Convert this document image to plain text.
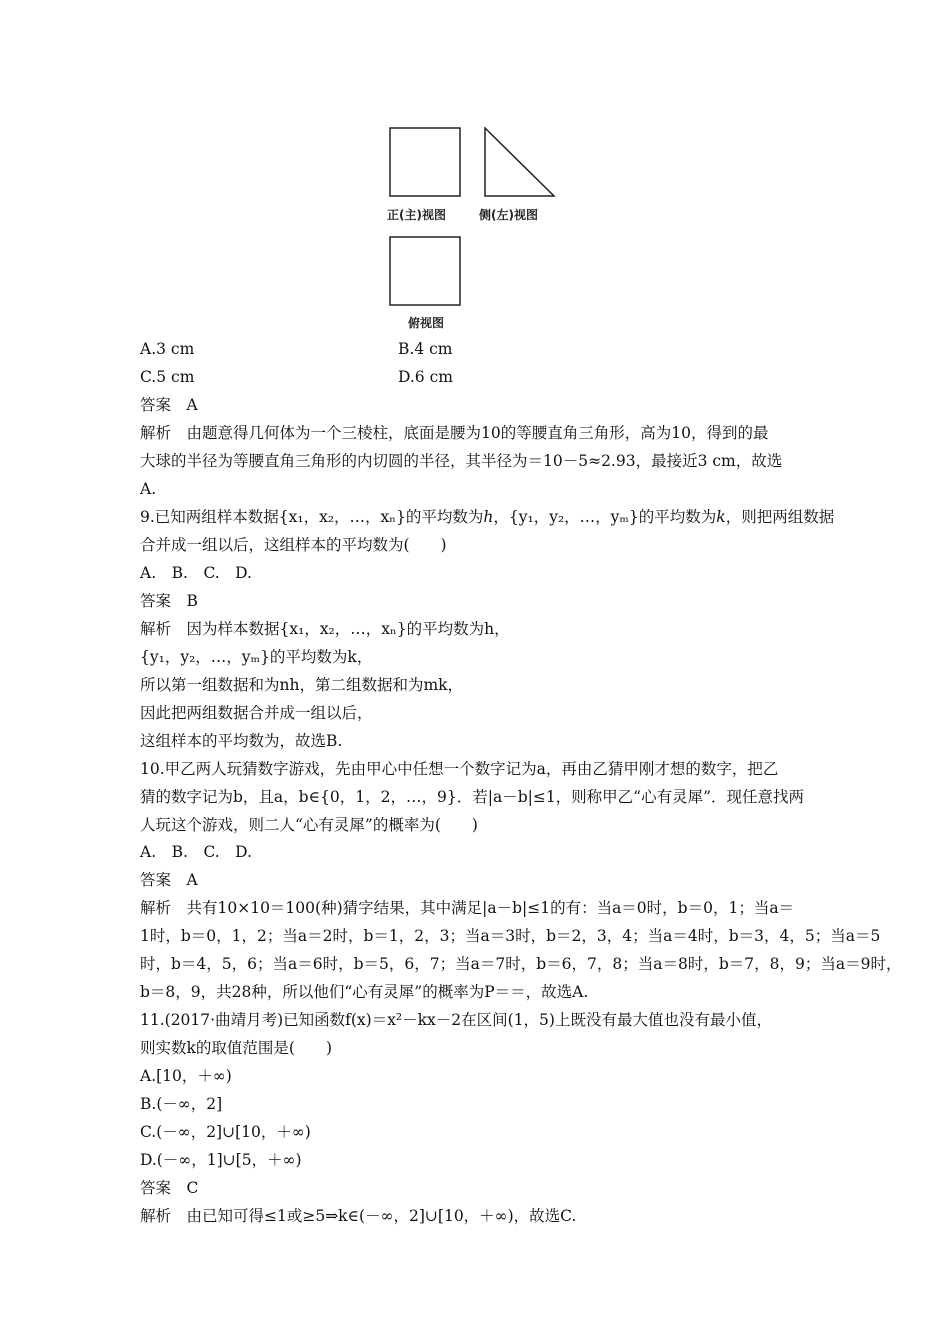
正(主)视图	侧(左)视图
俯视图
A.3 cm	B.4 cm
C.5 cm	D.6 cm
答案　A
解析　由题意得几何体为一个三棱柱，底面是腰为10的等腰直角三角形，高为10，得到的最
大球的半径为等腰直角三角形的内切圆的半径，其半径为＝10－5≈2.93，最接近3 cm，故选
A.
9.已知两组样本数据{x₁，x₂，…，xₙ}的平均数为h，{y₁，y₂，…，yₘ}的平均数为k，则把两组数据
合并成一组以后，这组样本的平均数为(　　)
A.　B.　C.　D.
答案　B
解析　因为样本数据{x₁，x₂，…，xₙ}的平均数为h，
{y₁，y₂，…，yₘ}的平均数为k，
所以第一组数据和为nh，第二组数据和为mk，
因此把两组数据合并成一组以后，
这组样本的平均数为，故选B.
10.甲乙两人玩猜数字游戏，先由甲心中任想一个数字记为a，再由乙猜甲刚才想的数字，把乙
猜的数字记为b，且a，b∈{0，1，2，…，9}．若|a－b|≤1，则称甲乙“心有灵犀”．现任意找两
人玩这个游戏，则二人“心有灵犀”的概率为(　　)
A.　B.　C.　D.
答案　A
解析　共有10×10＝100(种)猜字结果，其中满足|a－b|≤1的有：当a＝0时，b＝0，1；当a＝
1时，b＝0，1，2；当a＝2时，b＝1，2，3；当a＝3时，b＝2，3，4；当a＝4时，b＝3，4，5；当a＝5
时，b＝4，5，6；当a＝6时，b＝5，6，7；当a＝7时，b＝6，7，8；当a＝8时，b＝7，8，9；当a＝9时，
b＝8，9，共28种，所以他们“心有灵犀”的概率为P＝＝，故选A.
11.(2017·曲靖月考)已知函数f(x)＝x²－kx－2在区间(1，5)上既没有最大值也没有最小值，
则实数k的取值范围是(　　)
A.[10，＋∞)
B.(－∞，2]
C.(－∞，2]∪[10，＋∞)
D.(－∞，1]∪[5，＋∞)
答案　C
解析　由已知可得≤1或≥5⇒k∈(－∞，2]∪[10，＋∞)，故选C.
